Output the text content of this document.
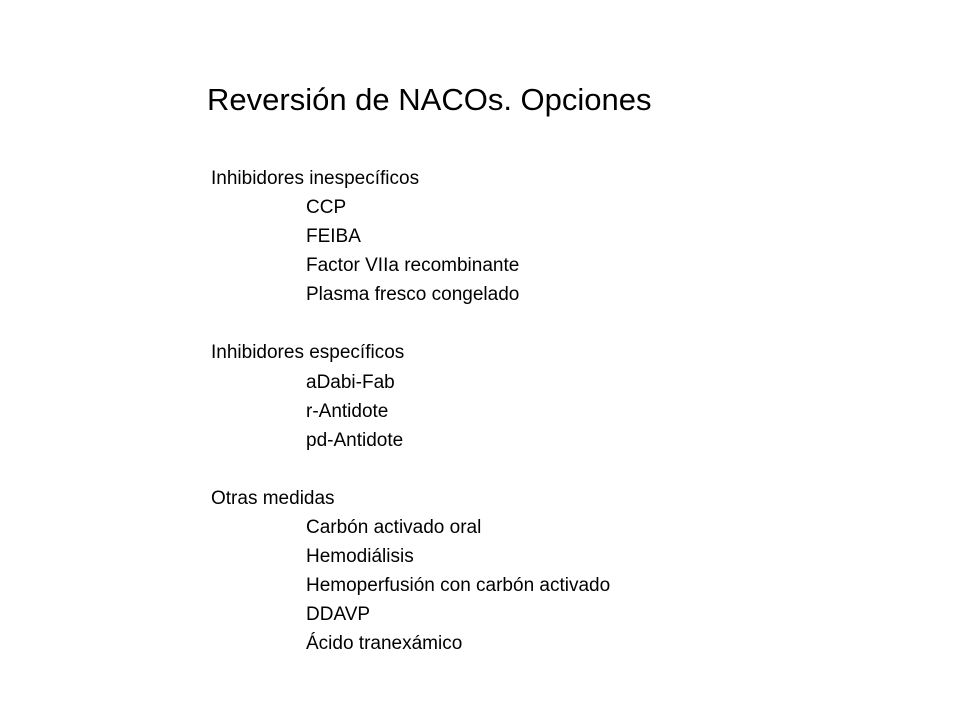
Reversión de NACOs. Opciones
Inhibidores inespecíficos
CCP
FEIBA
Factor VIIa recombinante
Plasma fresco congelado
Inhibidores específicos
aDabi-Fab
r-Antidote
pd-Antidote
Otras medidas
Carbón activado oral
Hemodiálisis
Hemoperfusión con carbón activado
DDAVP
Ácido tranexámico
